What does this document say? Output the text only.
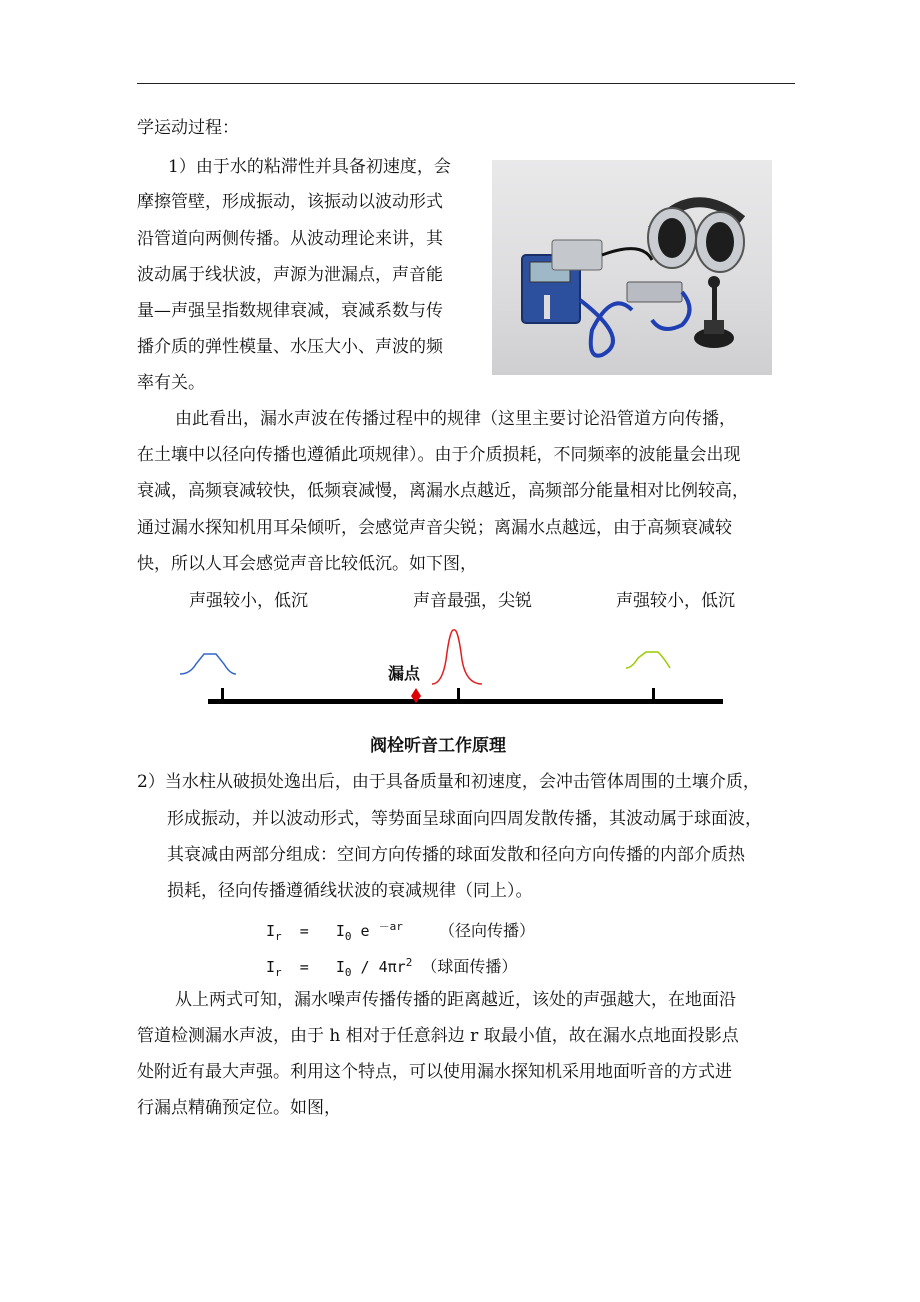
学运动过程：
1）由于水的粘滞性并具备初速度，会
摩擦管壁，形成振动，该振动以波动形式
沿管道向两侧传播。从波动理论来讲，其
波动属于线状波，声源为泄漏点，声音能
量—声强呈指数规律衰减，衰减系数与传
播介质的弹性模量、水压大小、声波的频
率有关。
由此看出，漏水声波在传播过程中的规律（这里主要讨论沿管道方向传播，
在土壤中以径向传播也遵循此项规律）。由于介质损耗，不同频率的波能量会出现
衰减，高频衰减较快，低频衰减慢，离漏水点越近，高频部分能量相对比例较高，
通过漏水探知机用耳朵倾听，会感觉声音尖锐；离漏水点越远，由于高频衰减较
快，所以人耳会感觉声音比较低沉。如下图，
声强较小，低沉	声音最强，尖锐	声强较小，低沉
漏点
阀栓听音工作原理
2）当水柱从破损处逸出后，由于具备质量和初速度，会冲击管体周围的土壤介质，
形成振动，并以波动形式，等势面呈球面向四周发散传播，其波动属于球面波，
其衰减由两部分组成：空间方向传播的球面发散和径向方向传播的内部介质热
损耗，径向传播遵循线状波的衰减规律（同上）。
$I_r = I_0$ e $^{-ar}$ （径向传播）
$I_r = I_0 / 4\pi r^2$ （球面传播）
从上两式可知，漏水噪声传播传播的距离越近，该处的声强越大，在地面沿
管道检测漏水声波，由于 h 相对于任意斜边 r 取最小值，故在漏水点地面投影点
处附近有最大声强。利用这个特点，可以使用漏水探知机采用地面听音的方式进
行漏点精确预定位。如图，
